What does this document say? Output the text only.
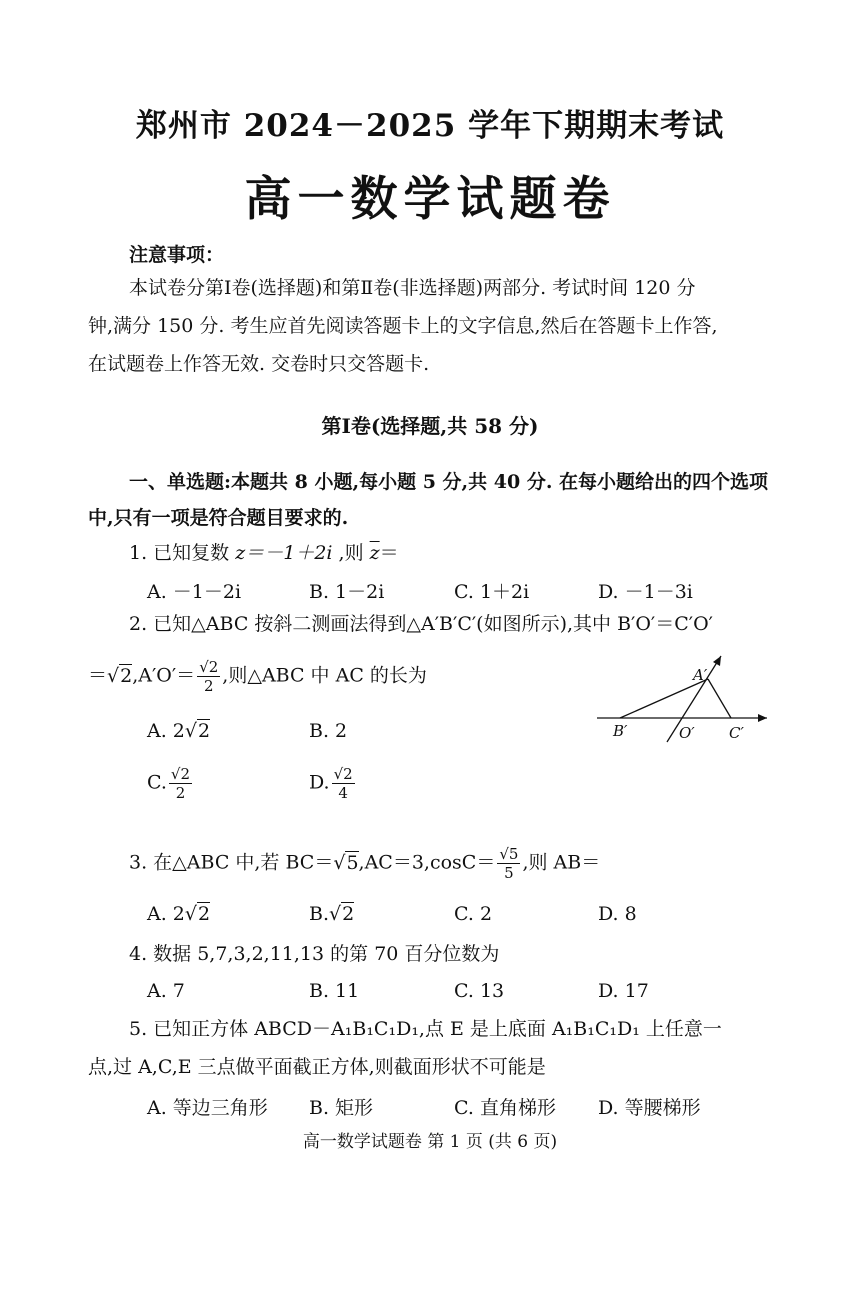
郑州市 2024－2025 学年下期期末考试
高一数学试题卷
注意事项：
本试卷分第Ⅰ卷(选择题)和第Ⅱ卷(非选择题)两部分. 考试时间 120 分
钟,满分 150 分. 考生应首先阅读答题卡上的文字信息,然后在答题卡上作答,
在试题卷上作答无效. 交卷时只交答题卡.
第Ⅰ卷(选择题,共 58 分)
一、单选题:本题共 8 小题,每小题 5 分,共 40 分. 在每小题给出的四个选项
中,只有一项是符合题目要求的.
1. 已知复数 z＝－1＋2i ,则 $\overline{z}=$
A. －1－2i	B. 1－2i	C. 1＋2i	D. －1－3i
2. 已知△ABC 按斜二测画法得到△A′B′C′(如图所示),其中 B′O′＝C′O′
$=√2,A'O'= \frac{√2}{2}$ ,则△ABC 中 AC 的长为	A′
B′	O′ C′
A. 2√2	B. 2
C. $\frac{√2}{2}$	D. $\frac{√2}{4}$
3. 在△ABC 中,若 $BC=√5,AC=3,\cos C= \frac{√5}{5}$ ,则 AB＝
A. 2√2	B.√2	C. 2	D. 8
4. 数据 5,7,3,2,11,13 的第 70 百分位数为
A. 7	B. 11	C. 13	D. 17
5. 已知正方体 ABCD－A₁B₁C₁D₁,点 E 是上底面 A₁B₁C₁D₁ 上任意一
点,过 A,C,E 三点做平面截正方体,则截面形状不可能是
A. 等边三角形 B. 矩形	C. 直角梯形 D. 等腰梯形
高一数学试题卷 第 1 页 (共 6 页)
